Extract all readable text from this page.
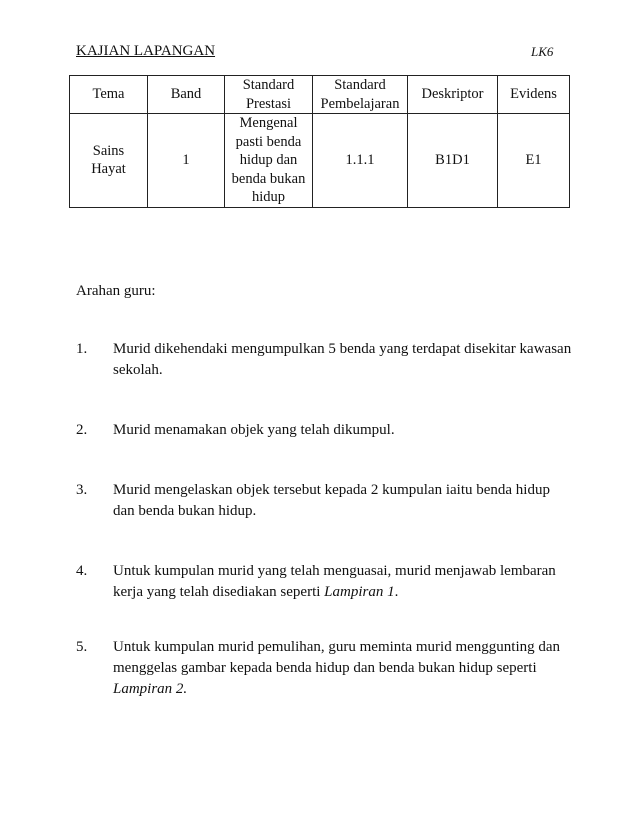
KAJIAN LAPANGAN	LK6
Tema	Band	Standard Prestasi	Standard Pembelajaran	Deskriptor	Evidens
Sains Hayat	1	Mengenal pasti benda hidup dan benda bukan hidup	1.1.1	B1D1	E1
Arahan guru:
1. Murid dikehendaki mengumpulkan 5 benda yang terdapat disekitar kawasan sekolah.
2. Murid menamakan objek yang telah dikumpul.
3. Murid mengelaskan objek tersebut kepada 2 kumpulan iaitu benda hidup dan benda bukan hidup.
4. Untuk kumpulan murid yang telah menguasai, murid menjawab lembaran kerja yang telah disediakan seperti Lampiran 1.
5. Untuk kumpulan murid pemulihan, guru meminta murid menggunting dan menggelas gambar kepada benda hidup dan benda bukan hidup seperti Lampiran 2.
